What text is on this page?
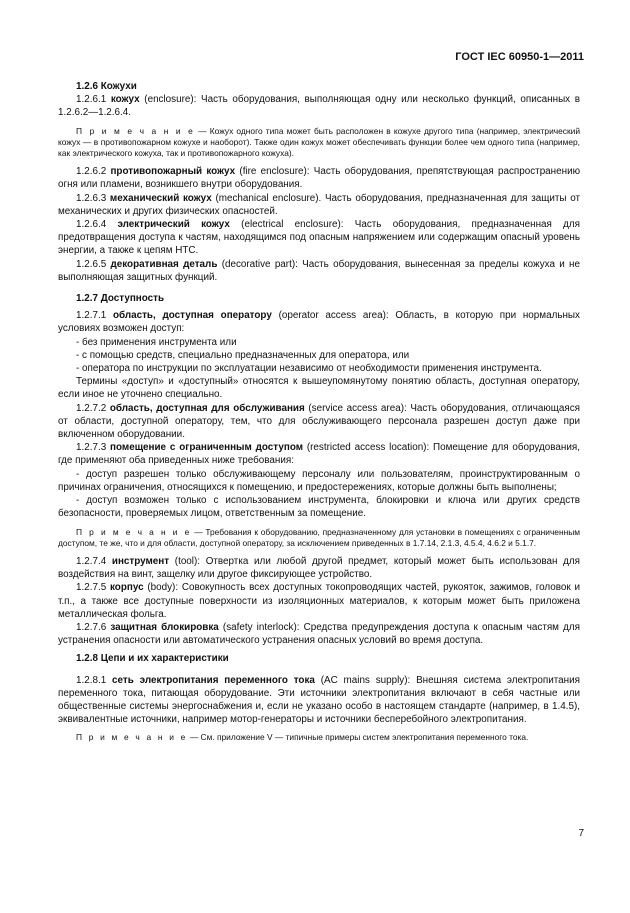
ГОСТ IEC 60950-1—2011

1.2.6 Кожухи

1.2.6.1 кожух (enclosure): Часть оборудования, выполняющая одну или несколько функций, описанных в 1.2.6.2—1.2.6.4.

П р и м е ч а н и е — Кожух одного типа может быть расположен в кожухе другого типа (например, электрический кожух — в противопожарном кожухе и наоборот). Также один кожух может обеспечивать функции более чем одного типа (например, как электрического кожуха, так и противопожарного кожуха).

1.2.6.2 противопожарный кожух (fire enclosure): Часть оборудования, препятствующая распространению огня или пламени, возникшего внутри оборудования.

1.2.6.3 механический кожух (mechanical enclosure). Часть оборудования, предназначенная для защиты от механических и других физических опасностей.

1.2.6.4 электрический кожух (electrical enclosure): Часть оборудования, предназначенная для предотвращения доступа к частям, находящимся под опасным напряжением или содержащим опасный уровень энергии, а также к цепям НТС.

1.2.6.5 декоративная деталь (decorative part): Часть оборудования, вынесенная за пределы кожуха и не выполняющая защитных функций.

1.2.7 Доступность

1.2.7.1 область, доступная оператору (operator access area): Область, в которую при нормальных условиях возможен доступ:

- без применения инструмента или

- с помощью средств, специально предназначенных для оператора, или

- оператора по инструкции по эксплуатации независимо от необходимости применения инструмента.

Термины «доступ» и «доступный» относятся к вышеупомянутому понятию область, доступная оператору, если иное не уточнено специально.

1.2.7.2 область, доступная для обслуживания (service access area): Часть оборудования, отличающаяся от области, доступной оператору, тем, что для обслуживающего персонала разрешен доступ даже при включенном оборудовании.

1.2.7.3 помещение с ограниченным доступом (restricted access location): Помещение для оборудования, где применяют оба приведенных ниже требования:

- доступ разрешен только обслуживающему персоналу или пользователям, проинструктированным о причинах ограничения, относящихся к помещению, и предостережениях, которые должны быть выполнены;

- доступ возможен только с использованием инструмента, блокировки и ключа или других средств безопасности, проверяемых лицом, ответственным за помещение.

П р и м е ч а н и е — Требования к оборудованию, предназначенному для установки в помещениях с ограниченным доступом, те же, что и для области, доступной оператору, за исключением приведенных в 1.7.14, 2.1.3, 4.5.4, 4.6.2 и 5.1.7.

1.2.7.4 инструмент (tool): Отвертка или любой другой предмет, который может быть использован для воздействия на винт, защелку или другое фиксирующее устройство.

1.2.7.5 корпус (body): Совокупность всех доступных токопроводящих частей, рукояток, зажимов, головок и т.п., а также все доступные поверхности из изоляционных материалов, к которым может быть приложена металлическая фольга.

1.2.7.6 защитная блокировка (safety interlock): Средства предупреждения доступа к опасным частям для устранения опасности или автоматического устранения опасных условий во время доступа.

1.2.8 Цепи и их характеристики

1.2.8.1 сеть электропитания переменного тока (AC mains supply): Внешняя система электропитания переменного тока, питающая оборудование. Эти источники электропитания включают в себя частные или общественные системы энергоснабжения и, если не указано особо в настоящем стандарте (например, в 1.4.5), эквивалентные источники, например мотор-генераторы и источники бесперебойного электропитания.

П р и м е ч а н и е — См. приложение V — типичные примеры систем электропитания переменного тока.

7
